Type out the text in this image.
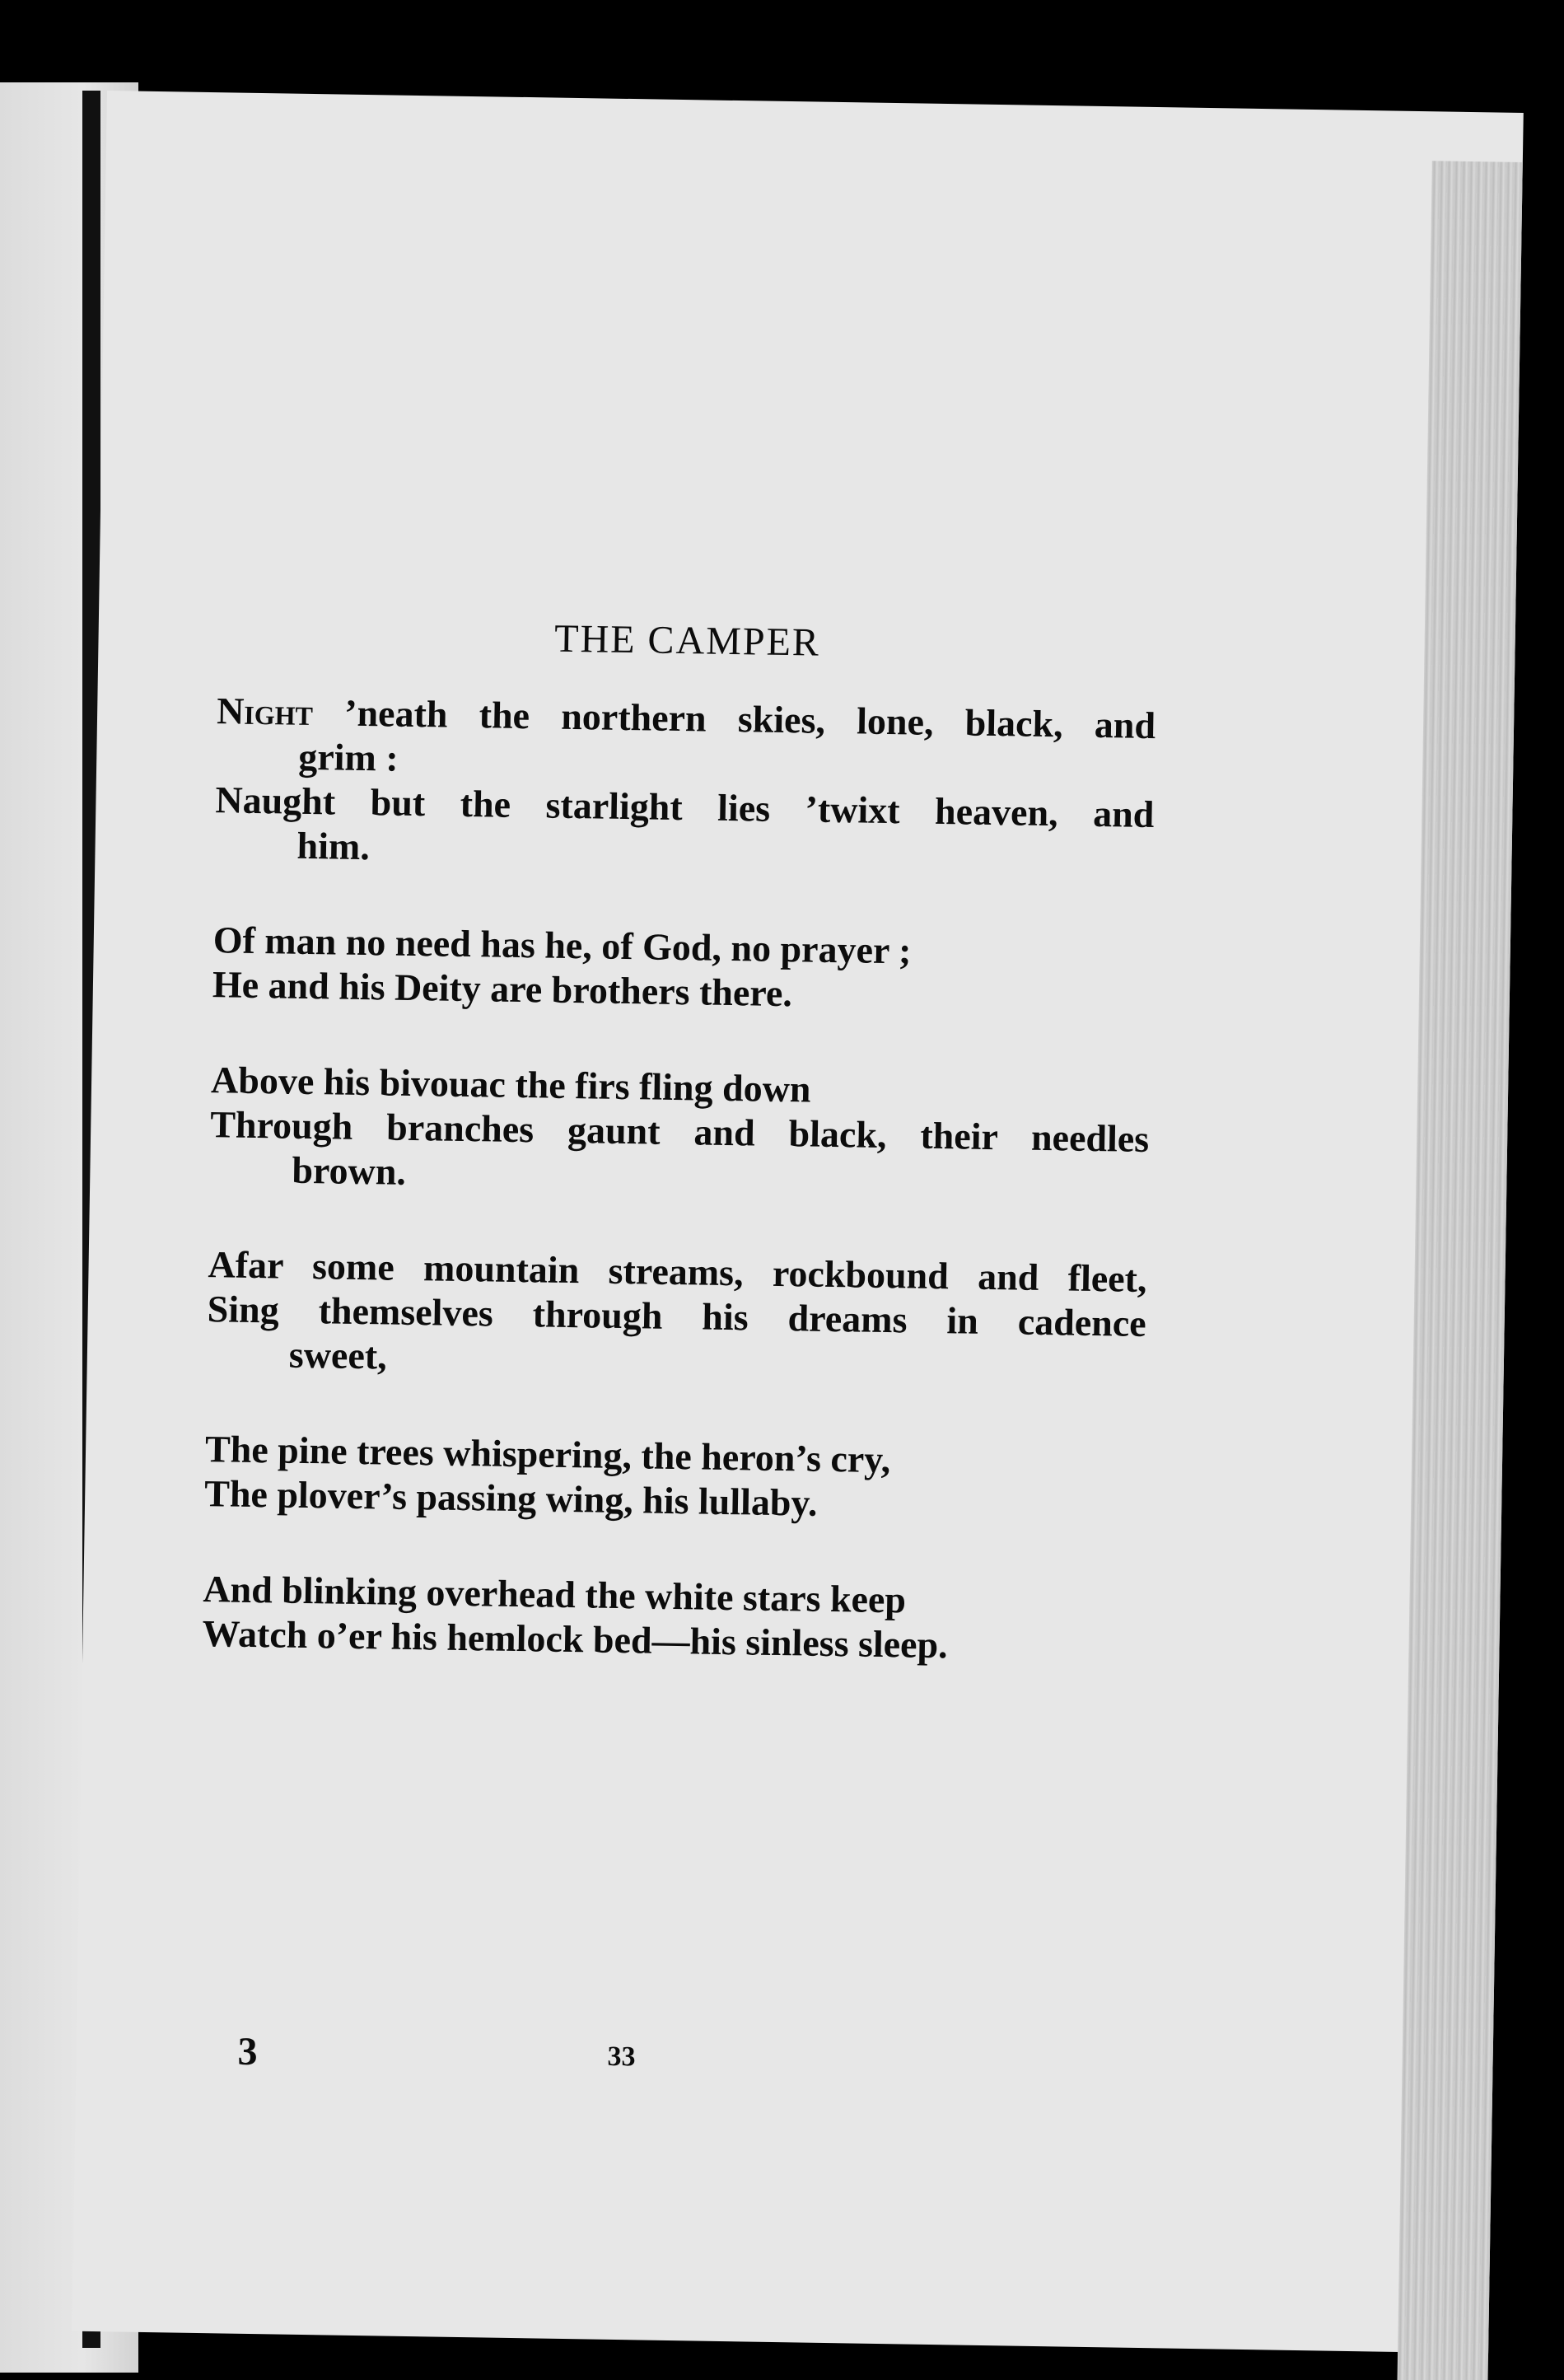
THE CAMPER
Night ’neath the northern skies, lone, black, and
grim :
Naught but the starlight lies ’twixt heaven, and
him.
Of man no need has he, of God, no prayer ;
He and his Deity are brothers there.
Above his bivouac the firs fling down
Through branches gaunt and black, their needles
brown.
Afar some mountain streams, rockbound and fleet,
Sing themselves through his dreams in cadence
sweet,
The pine trees whispering, the heron’s cry,
The plover’s passing wing, his lullaby.
And blinking overhead the white stars keep
Watch o’er his hemlock bed—his sinless sleep.
3	33
